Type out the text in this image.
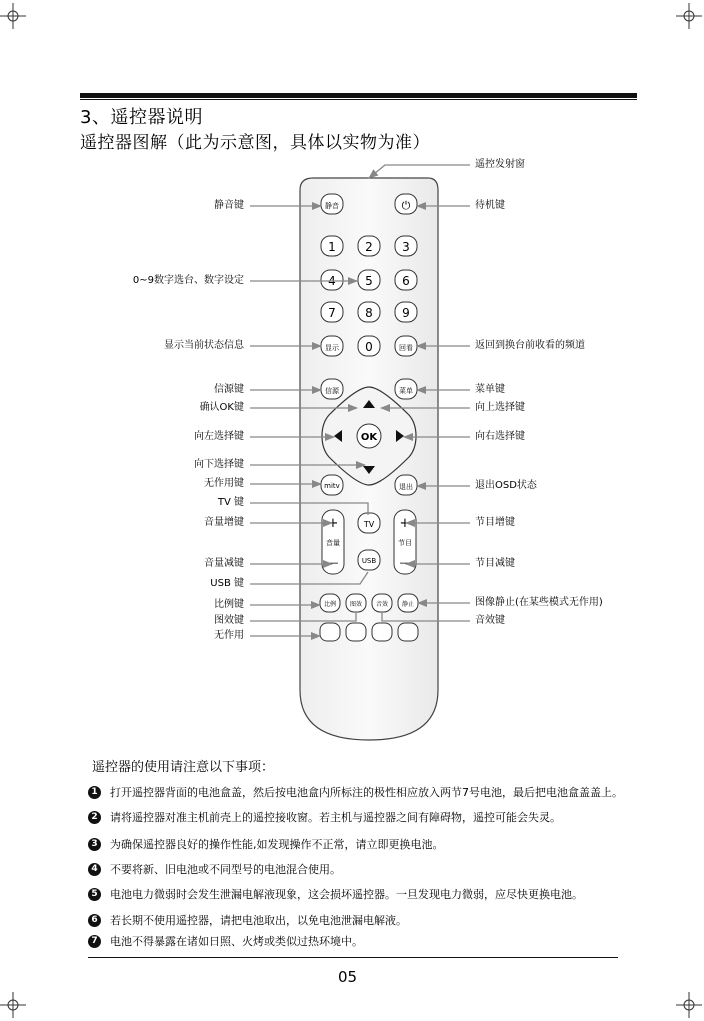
3、遥控器说明
遥控器图解（此为示意图，具体以实物为准）
静音	⏻
1 2 3
4 5 6
7 8 9
显示 0	回看
信源	菜单
OK
mitv	退出
+
音量
—
+
节目
—
TV
USB
比例 图效 音效 静止
静音键
0~9数字选台、数字设定
显示当前状态信息
信源键
确认OK键
向左选择键
向下选择键
无作用键
TV 键
音量增键
音量减键
USB 键
比例键
图效键
无作用
遥控发射窗
待机键
返回到换台前收看的频道
菜单键
向上选择键
向右选择键
退出OSD状态
节目增键
节目减键
图像静止(在某些模式无作用)
音效键
遥控器的使用请注意以下事项：
1	打开遥控器背面的电池盒盖，然后按电池盒内所标注的极性相应放入两节7号电池，最后把电池盒盖盖上。
2	请将遥控器对准主机前壳上的遥控接收窗。若主机与遥控器之间有障碍物，遥控可能会失灵。
3	为确保遥控器良好的操作性能,如发现操作不正常，请立即更换电池。
4	不要将新、旧电池或不同型号的电池混合使用。
5	电池电力微弱时会发生泄漏电解液现象，这会损坏遥控器。一旦发现电力微弱，应尽快更换电池。
6	若长期不使用遥控器，请把电池取出，以免电池泄漏电解液。
7	电池不得暴露在诸如日照、火烤或类似过热环境中。
05
